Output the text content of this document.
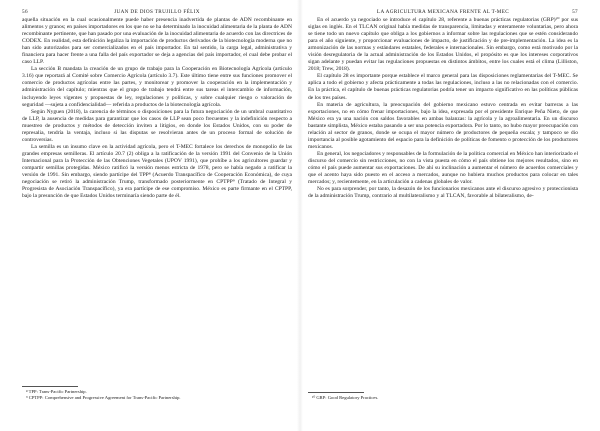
56	JUAN DE DIOS TRUJILLO FÉLIX

aquella situación en la cual ocasionalmente puede haber presencia inadvertida de plantas de ADN recombinante en alimentos y granos; en países importadores en los que no se ha determinado la inocuidad alimentaria de la planta de ADN recombinante pertinente, que han pasado por una evaluación de la inocuidad alimentaria de acuerdo con las directrices de CODEX. En realidad, esta definición legaliza la importación de productos derivados de la biotecnología moderna que no han sido autorizados para ser comercializados en el país importador. En tal sentido, la carga legal, administrativa y financiera para hacer frente a una falla del país exportador se deja a agencias del país importador, el cual debe probar el caso LLP.

La sección B mandata la creación de un grupo de trabajo para la Cooperación en Biotecnología Agrícola (artículo 3.16) que reportará al Comité sobre Comercio Agrícola (artículo 3.7). Este último tiene entre sus funciones promover el comercio de productos agrícolas entre las partes, y monitorear y promover la cooperación en la implementación y administración del capítulo; mientras que el grupo de trabajo tendrá entre sus tareas el intercambio de información, incluyendo leyes vigentes y propuestas de ley, regulaciones y políticas, y sobre cualquier riesgo o valoración de seguridad —sujeta a confidencialidad— referida a productos de la biotecnología agrícola.

Según Nyguen (2018), la carencia de términos o disposiciones para la futura negociación de un umbral cuantitativo de LLP, la ausencia de medidas para garantizar que los casos de LLP sean poco frecuentes y la indefinición respecto a muestreo de productos y métodos de detección inviten a litigios, en donde los Estados Unidos, con su poder de represalia, tendría la ventaja, incluso si las disputas se resolvieran antes de un proceso formal de solución de controversias.

La semilla es un insumo clave en la actividad agrícola, pero el T-MEC fortalece los derechos de monopolio de las grandes empresas semilleras. El artículo 20.7 (2) obliga a la ratificación de la versión 1991 del Convenio de la Unión Internacional para la Protección de las Obtenciones Vegetales (UPOV 1991), que prohíbe a los agricultores guardar y compartir semillas protegidas. México ratificó la versión menos estricta de 1978, pero se había negado a ratificar la versión de 1991. Sin embargo, siendo partícipe del TPP⁸ (Acuerdo Transpacífico de Cooperación Económica), de cuya negociación se retiró la administración Trump, transformado posteriormente en CPTPP⁹ (Tratado de Integral y Progresista de Asociación Transpacífico), ya era partícipe de ese compromiso. México es parte firmante en el CPTPP, bajo la presunción de que Estados Unidos terminaría siendo parte de él.

⁸ TPP: Trans-Pacific Partnership.

⁹ CPTPP: Comprehensive and Progressive Agreement for Trans-Pacific Partnership.

LA AGRICULTURA MEXICANA FRENTE AL T-MEC	57

En el acuerdo ya negociado se introduce el capítulo 28, referente a buenas prácticas regulatorias (GRP)¹⁰ por sus siglas en inglés. En el TLCAN original había medidas de transparencia, limitadas y enteramente voluntarias, pero ahora se tiene todo un nuevo capítulo que obliga a los gobiernos a informar sobre las regulaciones que se estén considerando para el año siguiente, y proporcionar evaluaciones de impacto, de justificación y de pre-implementación. La idea es la armonización de las normas y estándares estatales, federales e internacionales. Sin embargo, como está motivado por la visión desregulatoria de la actual administración de los Estados Unidos, el propósito es que los intereses corporativos sigan adelante y puedan evitar las regulaciones propuestas en distintos ámbitos, entre los cuales está el clima (Lilliston, 2018; Trew, 2018).

El capítulo 28 es importante porque establece el marco general para las disposiciones reglamentarias del T-MEC. Se aplica a todo el gobierno y afecta prácticamente a todas las regulaciones, incluso a las no relacionadas con el comercio. En la práctica, el capítulo de buenas prácticas regulatorias podría tener un impacto significativo en las políticas públicas de los tres países.

En materia de agricultura, la preocupación del gobierno mexicano estuvo centrada en evitar barreras a las exportaciones, no en cómo frenar importaciones, bajo la idea, expresada por el presidente Enrique Peña Nieto, de que México era ya una nación con saldos favorables en ambas balanzas: la agrícola y la agroalimentaria. En un discurso bastante simplista, México estaba pasando a ser una potencia exportadora. Por lo tanto, no hubo mayor preocupación con relación al sector de granos, donde se ocupa el mayor número de productores de pequeña escala; y tampoco se dio importancia al posible agotamiento del espacio para la definición de políticas de fomento o protección de los productores mexicanos.

En general, los negociadores y responsables de la formulación de la política comercial en México han interiorizado el discurso del comercio sin restricciones, no con la vista puesta en cómo el país obtiene los mejores resultados, sino en cómo el país puede aumentar sus exportaciones. De ahí su inclinación a aumentar el número de acuerdos comerciales y que el acento haya sido puesto en el acceso a mercados, aunque no hubiera muchos productos para colocar en tales mercados; y, recientemente, en la articulación a cadenas globales de valor.

No es para sorprender, por tanto, la desazón de los funcionarios mexicanos ante el discurso agresivo y proteccionista de la administración Trump, contrario al multilateralismo y al TLCAN, favorable al bilateralismo, de-

¹⁰ GRP: Good Regulatory Practices.
